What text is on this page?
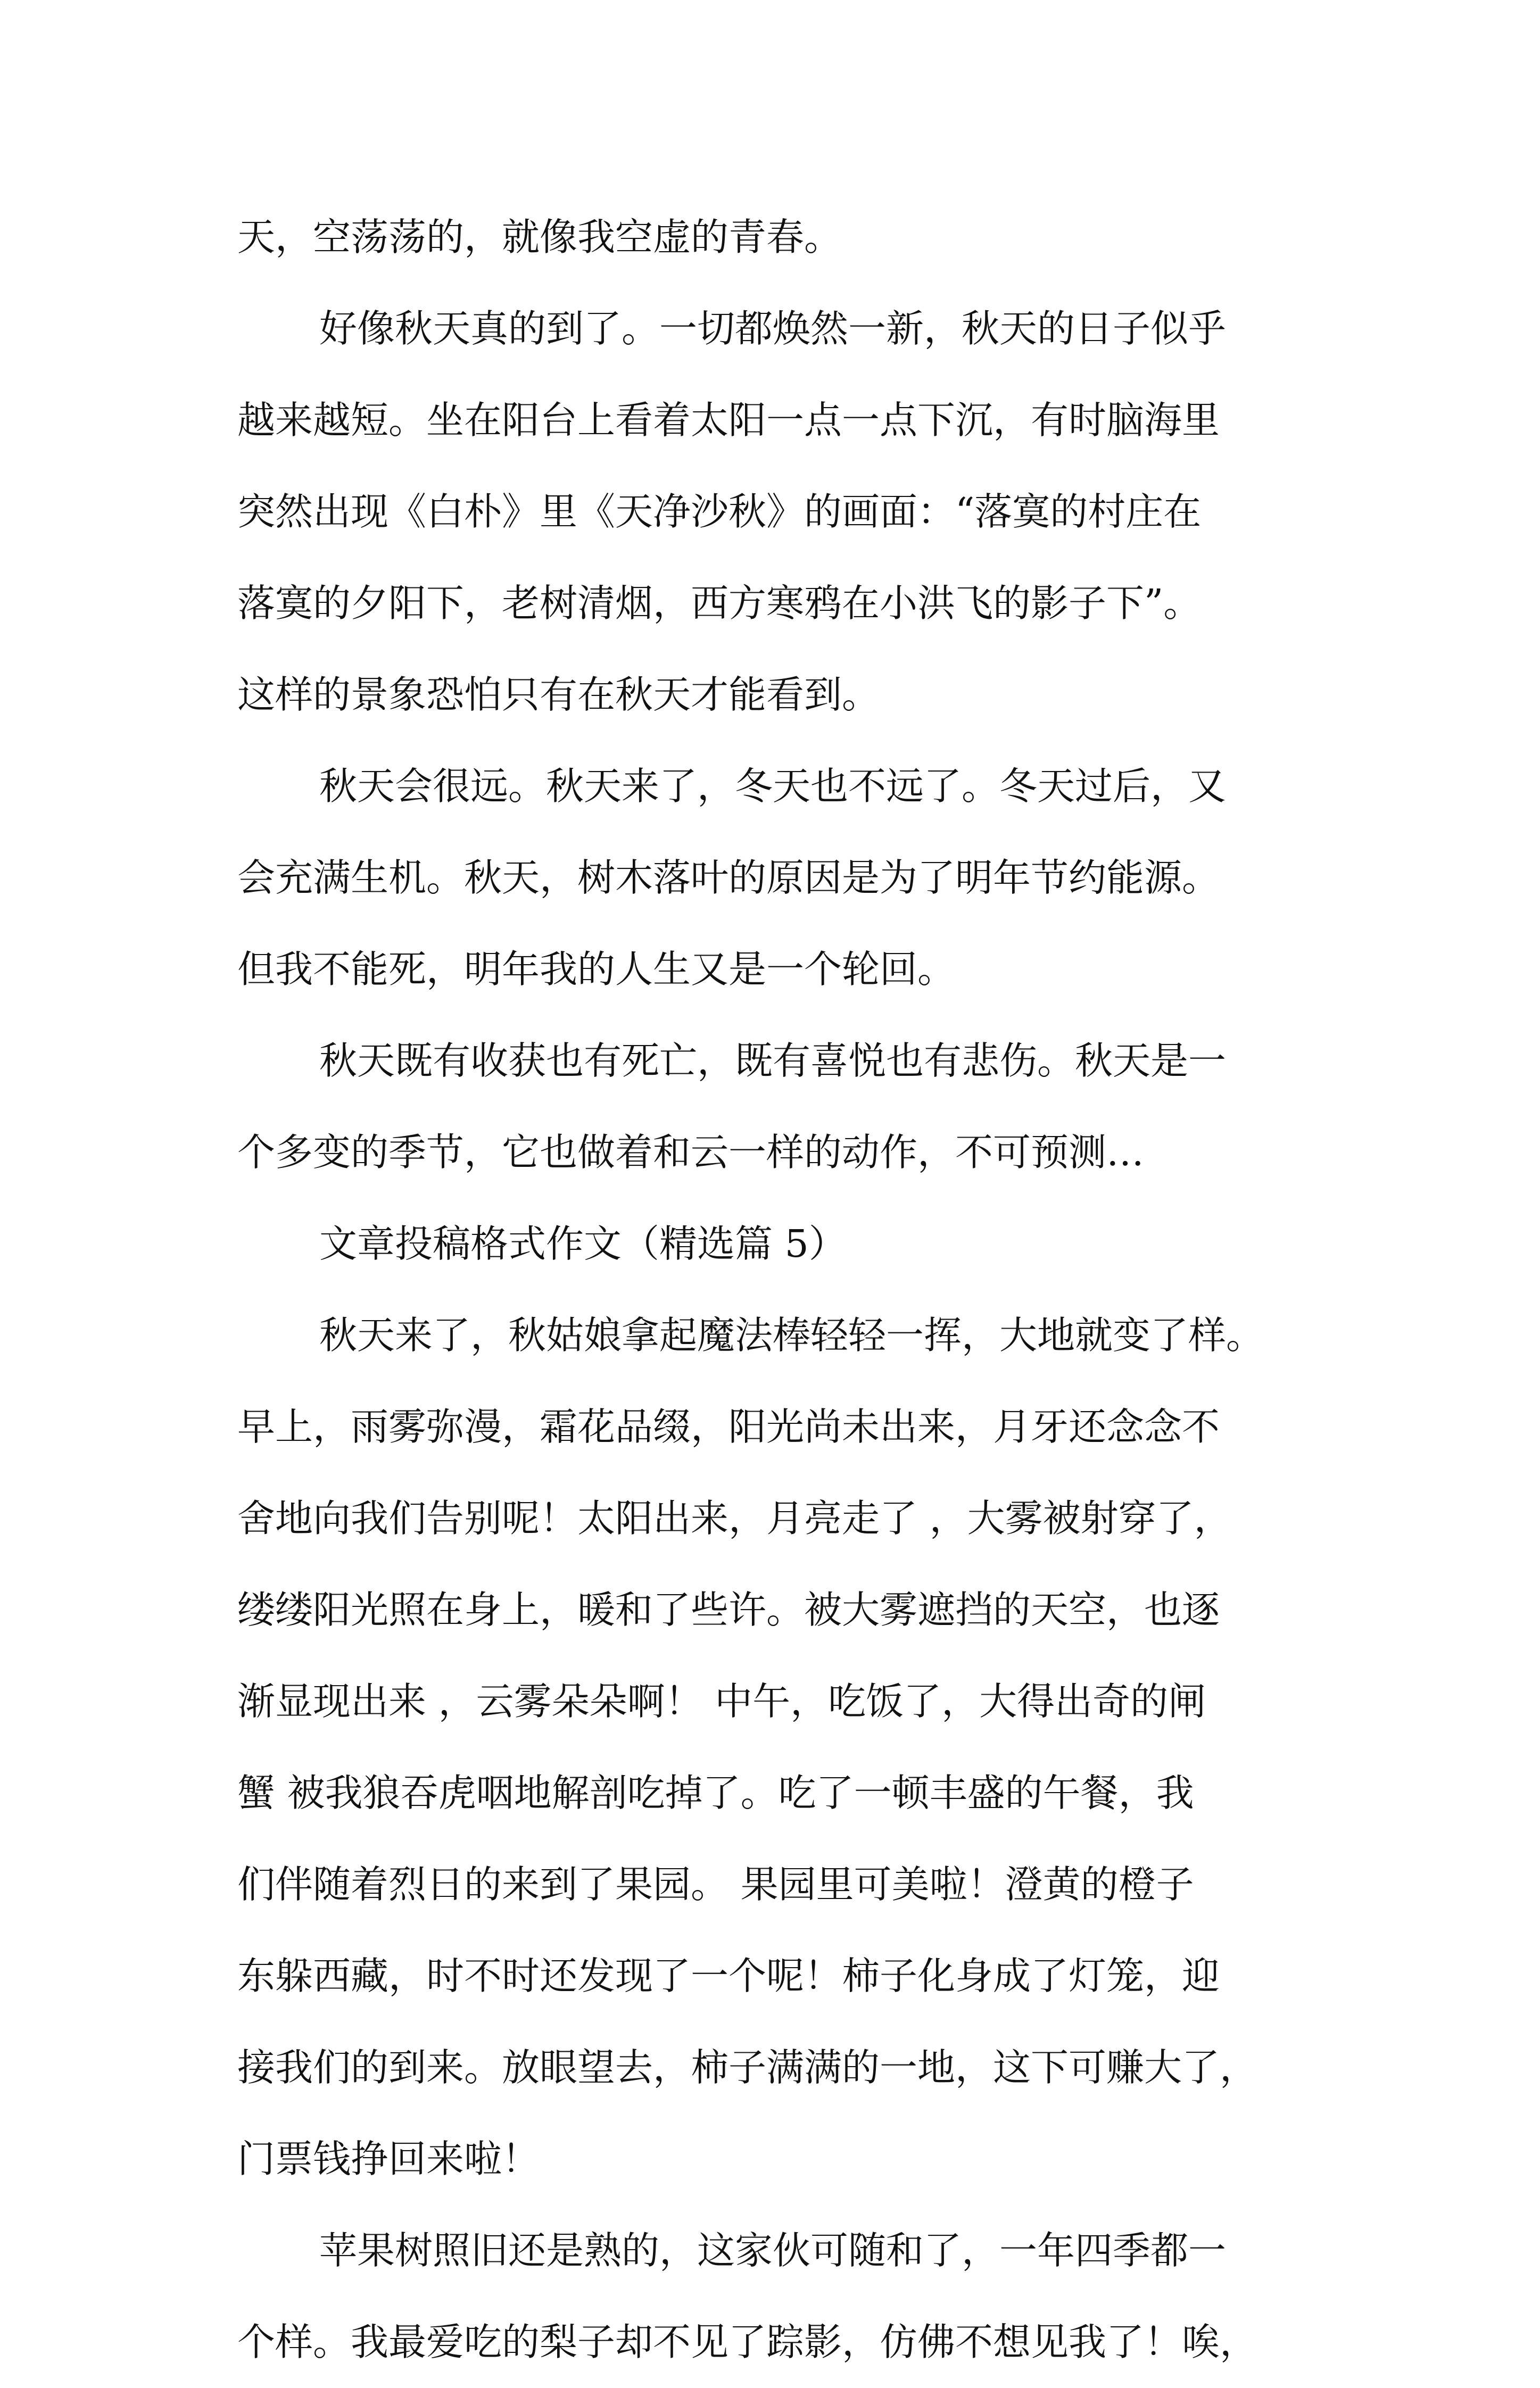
天，空荡荡的，就像我空虚的青春。
好像秋天真的到了。一切都焕然一新，秋天的日子似乎
越来越短。坐在阳台上看着太阳一点一点下沉，有时脑海里
突然出现《白朴》里《天净沙秋》的画面：“落寞的村庄在
落寞的夕阳下，老树清烟，西方寒鸦在小洪飞的影子下”。
这样的景象恐怕只有在秋天才能看到。
秋天会很远。秋天来了，冬天也不远了。冬天过后，又
会充满生机。秋天，树木落叶的原因是为了明年节约能源。
但我不能死，明年我的人生又是一个轮回。
秋天既有收获也有死亡，既有喜悦也有悲伤。秋天是一
个多变的季节，它也做着和云一样的动作，不可预测…
文章投稿格式作文（精选篇 5）
秋天来了，秋姑娘拿起魔法棒轻轻一挥，大地就变了样。
早上，雨雾弥漫，霜花品缀，阳光尚未出来，月牙还念念不
舍地向我们告别呢！太阳出来，月亮走了 ，大雾被射穿了，
缕缕阳光照在身上，暖和了些许。被大雾遮挡的天空，也逐
渐显现出来 ，云雾朵朵啊！ 中午，吃饭了，大得出奇的闸
蟹 被我狼吞虎咽地解剖吃掉了。吃了一顿丰盛的午餐，我
们伴随着烈日的来到了果园。 果园里可美啦！澄黄的橙子
东躲西藏，时不时还发现了一个呢！柿子化身成了灯笼，迎
接我们的到来。放眼望去，柿子满满的一地，这下可赚大了，
门票钱挣回来啦！
苹果树照旧还是熟的，这家伙可随和了，一年四季都一
个样。我最爱吃的梨子却不见了踪影，仿佛不想见我了！唉，
